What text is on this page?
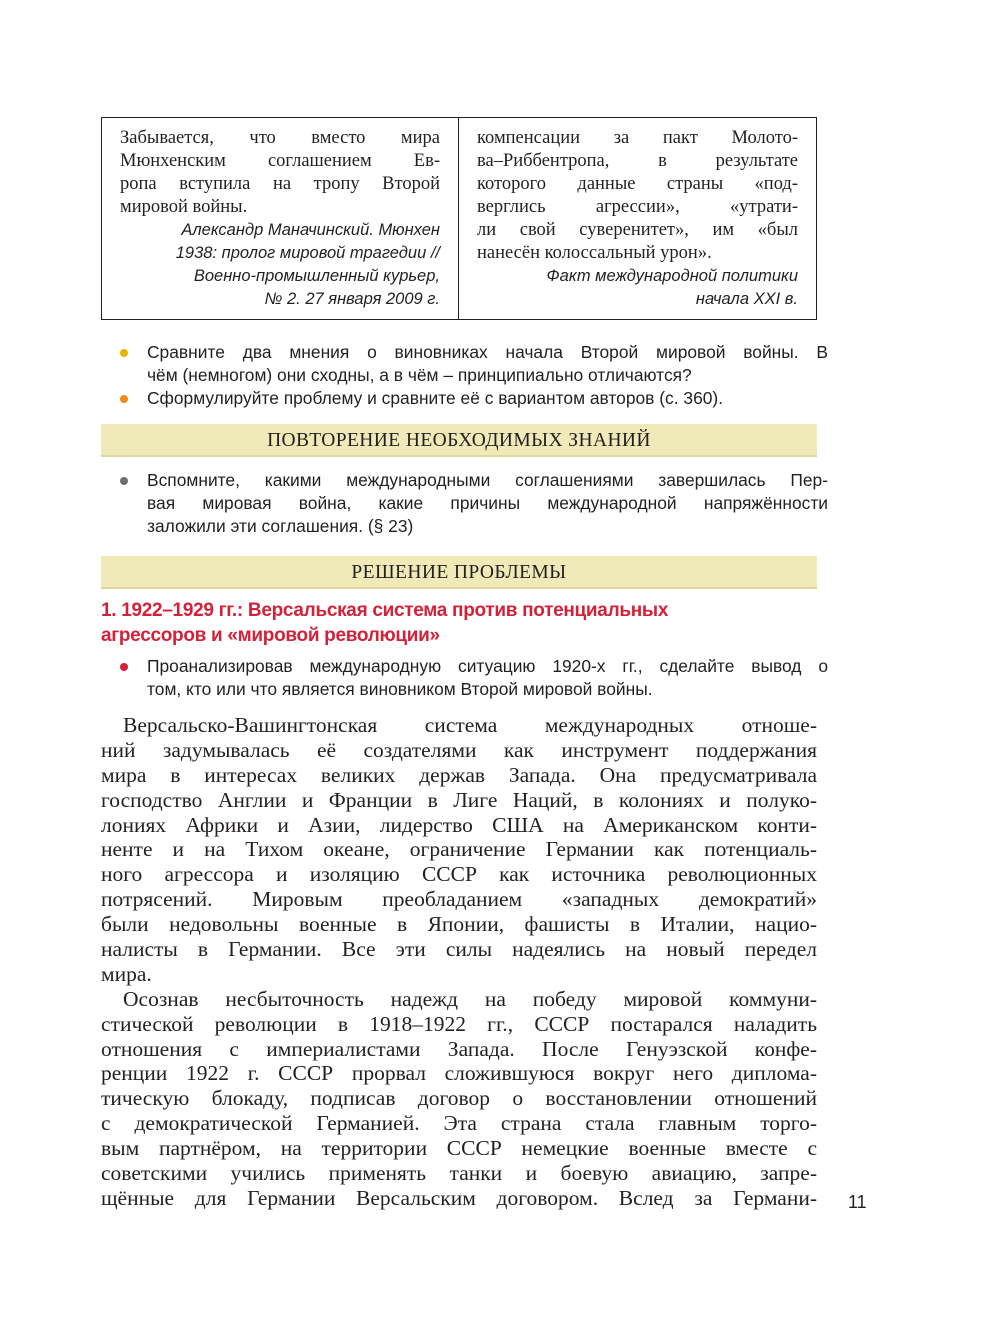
Забывается, что вместо мира
Мюнхенским соглашением Ев-
ропа вступила на тропу Второй
мировой войны.
Александр Маначинский. Мюнхен
1938: пролог мировой трагедии //
Военно-промышленный курьер,
№ 2. 27 января 2009 г.
компенсации за пакт Молото-
ва–Риббентропа, в результате
которого данные страны «под-
верглись агрессии», «утрати-
ли свой суверенитет», им «был
нанесён колоссальный урон».
Факт международной политики
начала XXI в.
Сравните два мнения о виновниках начала Второй мировой войны. В
чём (немногом) они сходны, а в чём – принципиально отличаются?
Сформулируйте проблему и сравните её с вариантом авторов (с. 360).
ПОВТОРЕНИЕ НЕОБХОДИМЫХ ЗНАНИЙ
Вспомните, какими международными соглашениями завершилась Пер-
вая мировая война, какие причины международной напряжённости
заложили эти соглашения. (§ 23)
РЕШЕНИЕ ПРОБЛЕМЫ
1. 1922–1929 гг.: Версальская система против потенциальных
агрессоров и «мировой революции»
Проанализировав международную ситуацию 1920-х гг., сделайте вывод о
том, кто или что является виновником Второй мировой войны.
Версальско-Вашингтонская система международных отноше-
ний задумывалась её создателями как инструмент поддержания
мира в интересах великих держав Запада. Она предусматривала
господство Англии и Франции в Лиге Наций, в колониях и полуко-
лониях Африки и Азии, лидерство США на Американском конти-
ненте и на Тихом океане, ограничение Германии как потенциаль-
ного агрессора и изоляцию СССР как источника революционных
потрясений. Мировым преобладанием «западных демократий»
были недовольны военные в Японии, фашисты в Италии, нацио-
налисты в Германии. Все эти силы надеялись на новый передел
мира.
Осознав несбыточность надежд на победу мировой коммуни-
стической революции в 1918–1922 гг., СССР постарался наладить
отношения с империалистами Запада. После Генуэзской конфе-
ренции 1922 г. СССР прорвал сложившуюся вокруг него диплома-
тическую блокаду, подписав договор о восстановлении отношений
с демократической Германией. Эта страна стала главным торго-
вым партнёром, на территории СССР немецкие военные вместе с
советскими учились применять танки и боевую авиацию, запре-
щённые для Германии Версальским договором. Вслед за Германи- 11
